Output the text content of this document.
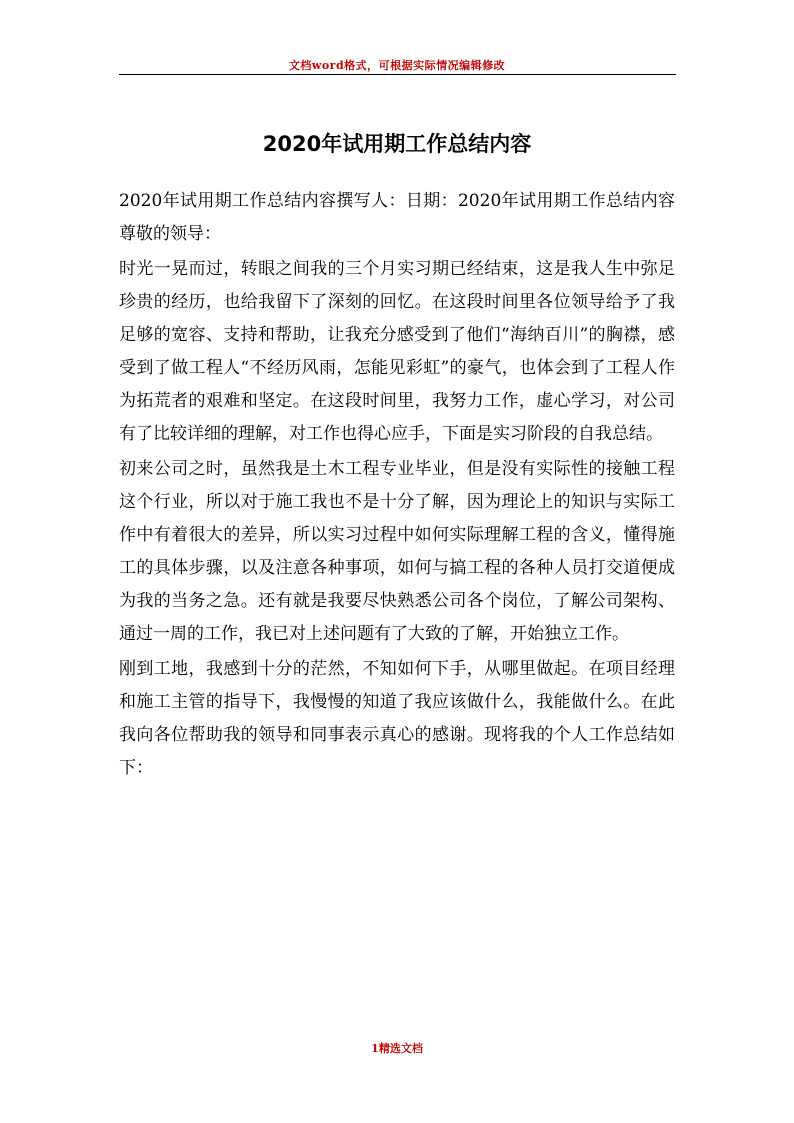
文档word格式，可根据实际情况编辑修改
2020年试用期工作总结内容

2020年试用期工作总结内容撰写人：日期：2020年试用期工作总结内容尊敬的领导：

时光一晃而过，转眼之间我的三个月实习期已经结束，这是我人生中弥足珍贵的经历，也给我留下了深刻的回忆。在这段时间里各位领导给予了我足够的宽容、支持和帮助，让我充分感受到了他们“海纳百川”的胸襟，感受到了做工程人“不经历风雨，怎能见彩虹”的豪气，也体会到了工程人作为拓荒者的艰难和坚定。在这段时间里，我努力工作，虚心学习，对公司有了比较详细的理解，对工作也得心应手，下面是实习阶段的自我总结。

初来公司之时，虽然我是土木工程专业毕业，但是没有实际性的接触工程这个行业，所以对于施工我也不是十分了解，因为理论上的知识与实际工作中有着很大的差异，所以实习过程中如何实际理解工程的含义，懂得施工的具体步骤，以及注意各种事项，如何与搞工程的各种人员打交道便成为我的当务之急。还有就是我要尽快熟悉公司各个岗位，了解公司架构、通过一周的工作，我已对上述问题有了大致的了解，开始独立工作。

刚到工地，我感到十分的茫然，不知如何下手，从哪里做起。在项目经理和施工主管的指导下，我慢慢的知道了我应该做什么，我能做什么。在此我向各位帮助我的领导和同事表示真心的感谢。现将我的个人工作总结如下：

1精选文档
